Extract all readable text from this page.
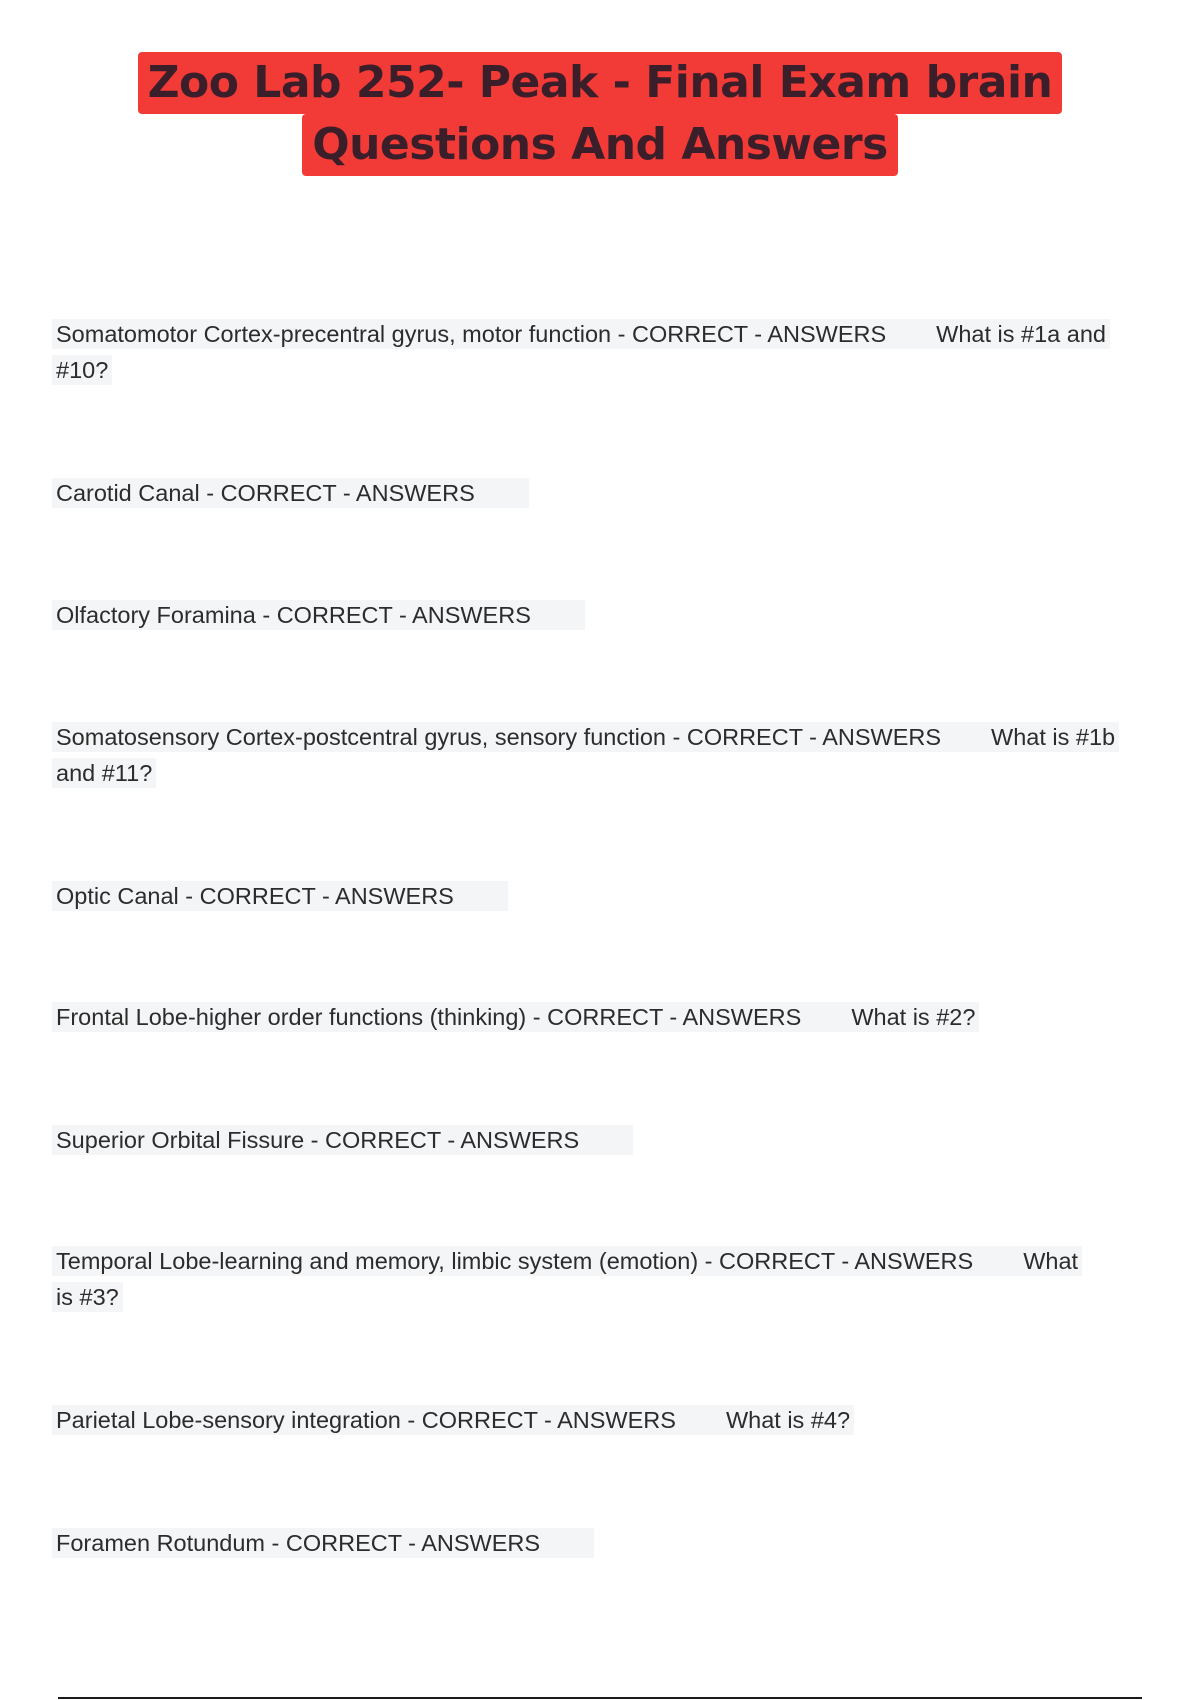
Zoo Lab 252- Peak - Final Exam brain
Questions And Answers
Somatomotor Cortex-precentral gyrus, motor function - CORRECT - ANSWERS What is #1a and #10?
Carotid Canal - CORRECT - ANSWERS
Olfactory Foramina - CORRECT - ANSWERS
Somatosensory Cortex-postcentral gyrus, sensory function - CORRECT - ANSWERS What is #1b and #11?
Optic Canal - CORRECT - ANSWERS
Frontal Lobe-higher order functions (thinking) - CORRECT - ANSWERS What is #2?
Superior Orbital Fissure - CORRECT - ANSWERS
Temporal Lobe-learning and memory, limbic system (emotion) - CORRECT - ANSWERS What is #3?
Parietal Lobe-sensory integration - CORRECT - ANSWERS What is #4?
Foramen Rotundum - CORRECT - ANSWERS
